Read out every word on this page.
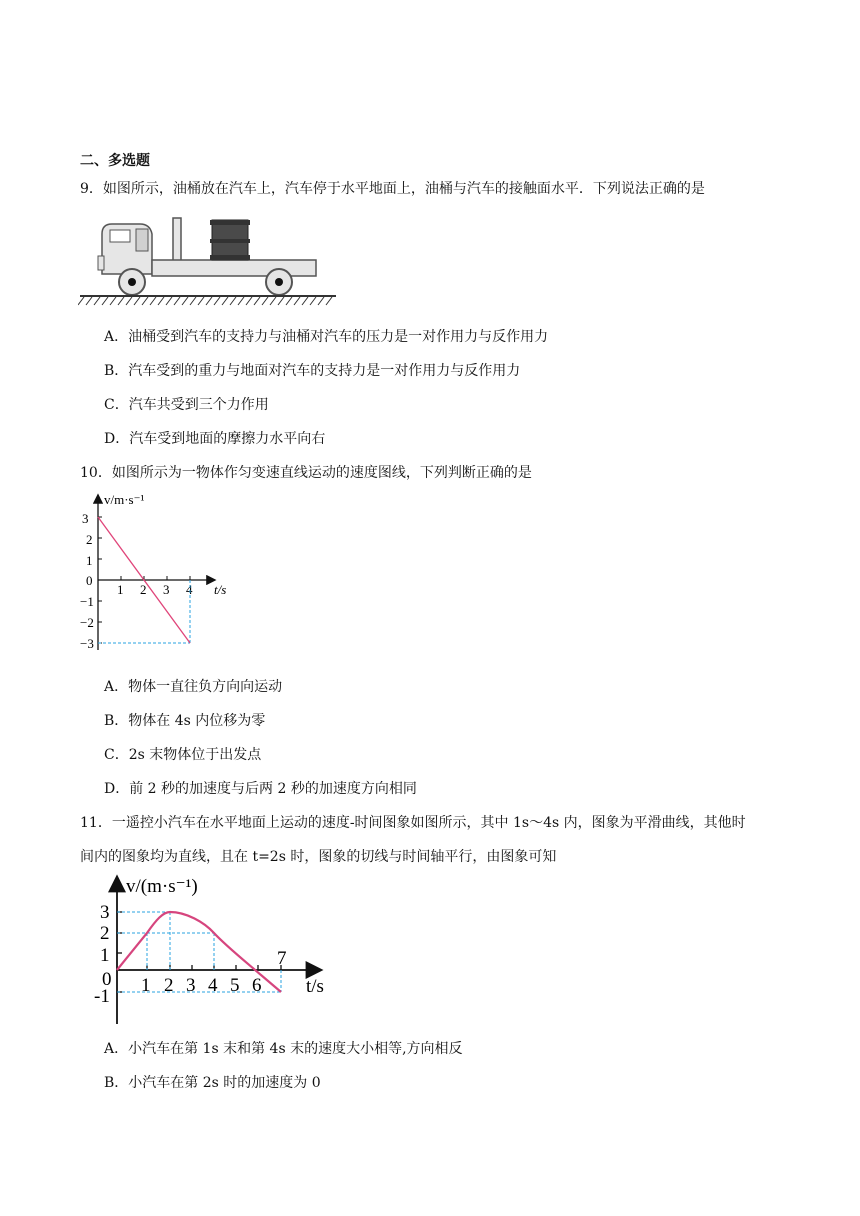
二、多选题
9．如图所示，油桶放在汽车上，汽车停于水平地面上，油桶与汽车的接触面水平．下列说法正确的是
A．油桶受到汽车的支持力与油桶对汽车的压力是一对作用力与反作用力
B．汽车受到的重力与地面对汽车的支持力是一对作用力与反作用力
C．汽车共受到三个力作用
D．汽车受到地面的摩擦力水平向右
10．如图所示为一物体作匀变速直线运动的速度图线，下列判断正确的是
v/m·s⁻¹
t/s
3
2
1
0
−1
−2
−3
1 2 3 4
A．物体一直往负方向向运动
B．物体在 4s 内位移为零
C．2s 末物体位于出发点
D．前 2 秒的加速度与后两 2 秒的加速度方向相同
11．一遥控小汽车在水平地面上运动的速度-时间图象如图所示，其中 1s～4s 内，图象为平滑曲线，其他时
间内的图象均为直线，且在 t=2s 时，图象的切线与时间轴平行，由图象可知
v/(m·s⁻¹)
t/s
3
2
1
0
-1
1 2 3 4 5 6
7
A．小汽车在第 1s 末和第 4s 末的速度大小相等,方向相反
B．小汽车在第 2s 时的加速度为 0
